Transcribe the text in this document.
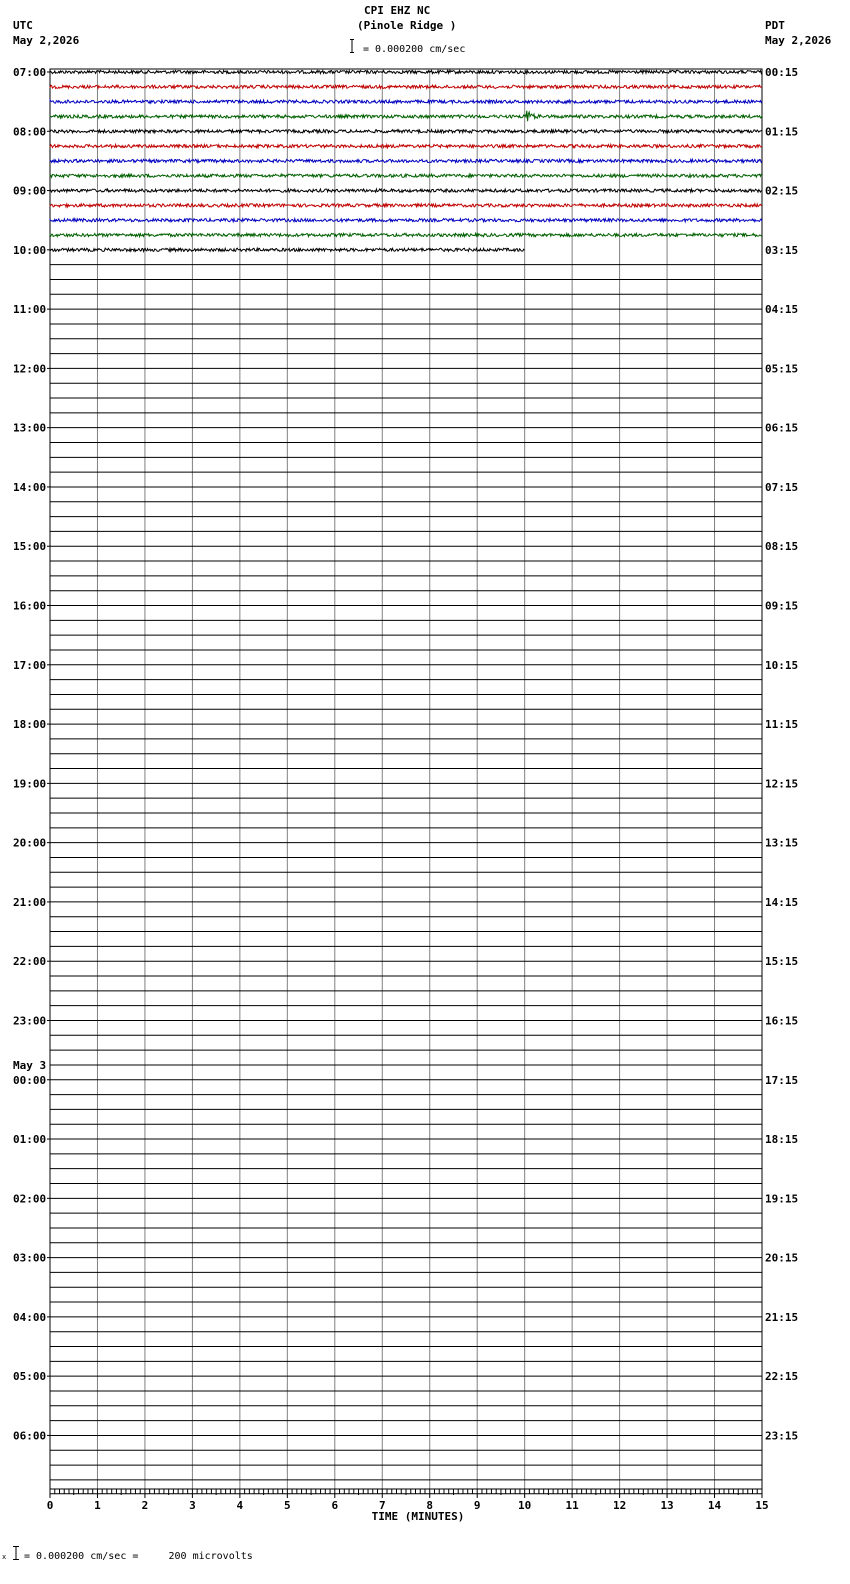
CPI EHZ NC
(Pinole Ridge )
= 0.000200 cm/sec
UTC
May 2,2026
PDT
May 2,2026
07:00
08:00
09:00
10:00
11:00
12:00
13:00
14:00
15:00
16:00
17:00
18:00
19:00
20:00
21:00
22:00
23:00
00:00
01:00
02:00
03:00
04:00
05:00
06:00
May 3
00:15
01:15
02:15
03:15
04:15
05:15
06:15
07:15
08:15
09:15
10:15
11:15
12:15
13:15
14:15
15:15
16:15
17:15
18:15
19:15
20:15
21:15
22:15
23:15
0	1	2	3	4	5	6	7	8	9	10	11	12	13	14	15
TIME (MINUTES)
x = 0.000200 cm/sec =     200 microvolts
